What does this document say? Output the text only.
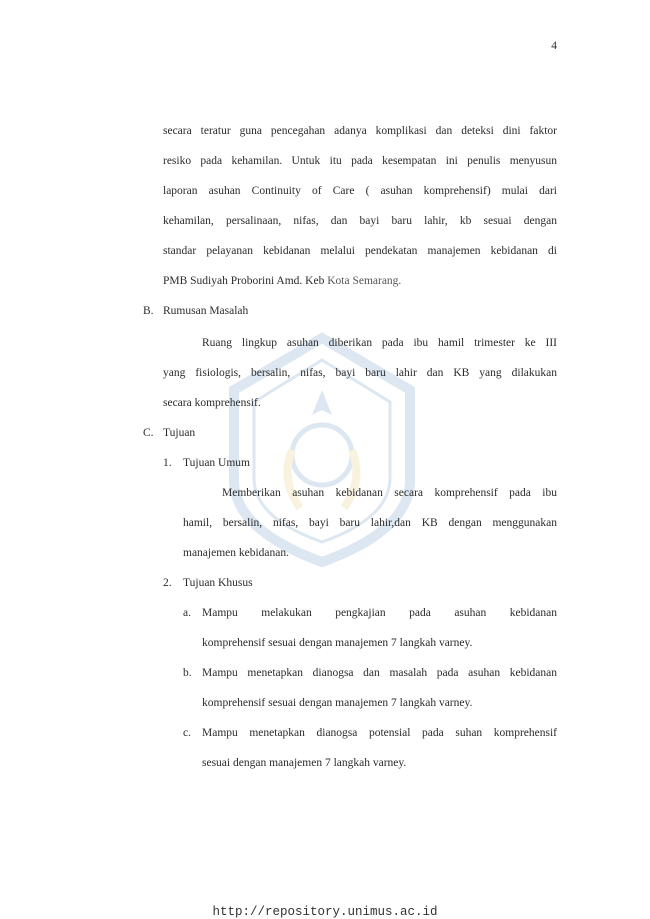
4
secara teratur guna pencegahan adanya komplikasi dan deteksi dini faktor
resiko pada kehamilan. Untuk itu pada kesempatan ini penulis menyusun
laporan asuhan Continuity of Care ( asuhan komprehensif) mulai dari
kehamilan, persalinaan, nifas, dan bayi baru lahir, kb sesuai dengan
standar pelayanan kebidanan melalui pendekatan manajemen kebidanan di
PMB Sudiyah Proborini Amd. Keb Kota Semarang.
B. Rumusan Masalah
Ruang lingkup asuhan diberikan pada ibu hamil trimester ke III
yang fisiologis, bersalin, nifas, bayi baru lahir dan KB yang dilakukan
secara komprehensif.
C. Tujuan
1. Tujuan Umum
Memberikan asuhan kebidanan secara komprehensif pada ibu
hamil, bersalin, nifas, bayi baru lahir,dan KB dengan menggunakan
manajemen kebidanan.
2. Tujuan Khusus
a. Mampu melakukan pengkajian pada asuhan kebidanan
komprehensif sesuai dengan manajemen 7 langkah varney.
b. Mampu menetapkan dianogsa dan masalah pada asuhan kebidanan
komprehensif sesuai dengan manajemen 7 langkah varney.
c. Mampu menetapkan dianogsa potensial pada suhan komprehensif
sesuai dengan manajemen 7 langkah varney.
http://repository.unimus.ac.id
